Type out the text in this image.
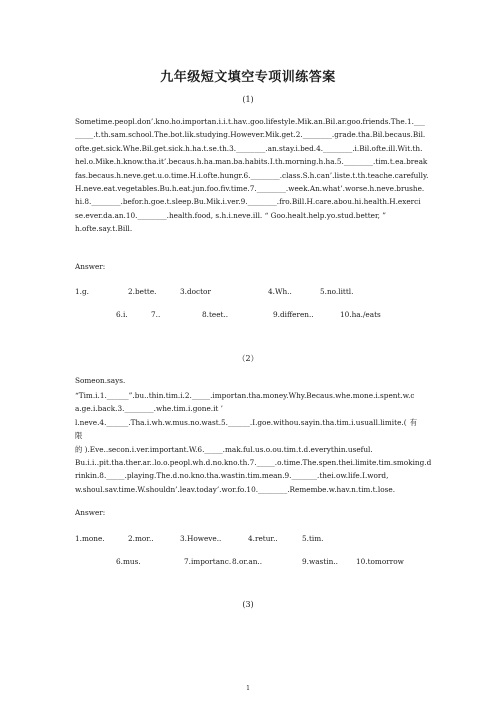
九年级短文填空专项训练答案
(1)
Sometime.peopl.don’.kno.ho.importan.i.i.t.hav..goo.lifestyle.Mik.an.Bil.ar.goo.friends.The.1.___
_____.t.th.sam.school.The.bot.lik.studying.However.Mik.get.2.________.grade.tha.Bil.becaus.Bil.
ofte.get.sick.Whe.Bil.get.sick.h.ha.t.se.th.3.________.an.stay.i.bed.4.________.i.Bil.ofte.ill.Wit.th.
hel.o.Mike.h.know.tha.it’.becaus.h.ha.man.ba.habits.I.th.morning.h.ha.5.________.tim.t.ea.break
fas.becaus.h.neve.get.u.o.time.H.i.ofte.hungr.6.________.class.S.h.can’.liste.t.th.teache.carefully.
H.neve.eat.vegetables.Bu.h.eat.jun.foo.fiv.time.7.________.week.An.what’.worse.h.neve.brushe.
hi.8.________.befor.h.goe.t.sleep.Bu.Mik.i.ver.9.________.fro.Bill.H.care.abou.hi.health.H.exerci
se.ever.da.an.10.________.health.food, s.h.i.neve.ill. “ Goo.healt.help.yo.stud.better, ”
h.ofte.say.t.Bill.
Answer:
1.g.	2.bette.	3.doctor	4.Wh..	5.no.littl.
6.i.	7..	8.teet..	9.differen..	10.ha./eats
（2）
Someon.says.
“Tim.i.1.______”.bu..thin.tim.i.2._____.importan.tha.money.Why.Becaus.whe.mone.i.spent.w.c
a.ge.i.back.3.________.whe.tim.i.gone.it ’
l.neve.4.______.Tha.i.wh.w.mus.no.wast.5.______.I.goe.withou.sayin.tha.tim.i.usuall.limite.(有限
的 ).Eve..secon.i.ver.important.W.6._____.mak.ful.us.o.ou.tim.t.d.everythin.useful.
Bu.i.i..pit.tha.ther.ar..lo.o.peopl.wh.d.no.kno.th.7._____.o.time.The.spen.thei.limite.tim.smoking.d
rinkin.8._____.playing.The.d.no.kno.tha.wastin.tim.mean.9._______.thei.ow.life.I.word,
w.shoul.sav.time.W.shouldn’.leav.today’.wor.fo.10.________.Remembe.w.hav.n.tim.t.lose.
Answer:
1.mone.	2.mor..	3.Howeve..	4.retur..	5.tim.
6.mus.	7.importanc. 8.or.an..	9.wastin.. 10.tomorrow
(3)
1
